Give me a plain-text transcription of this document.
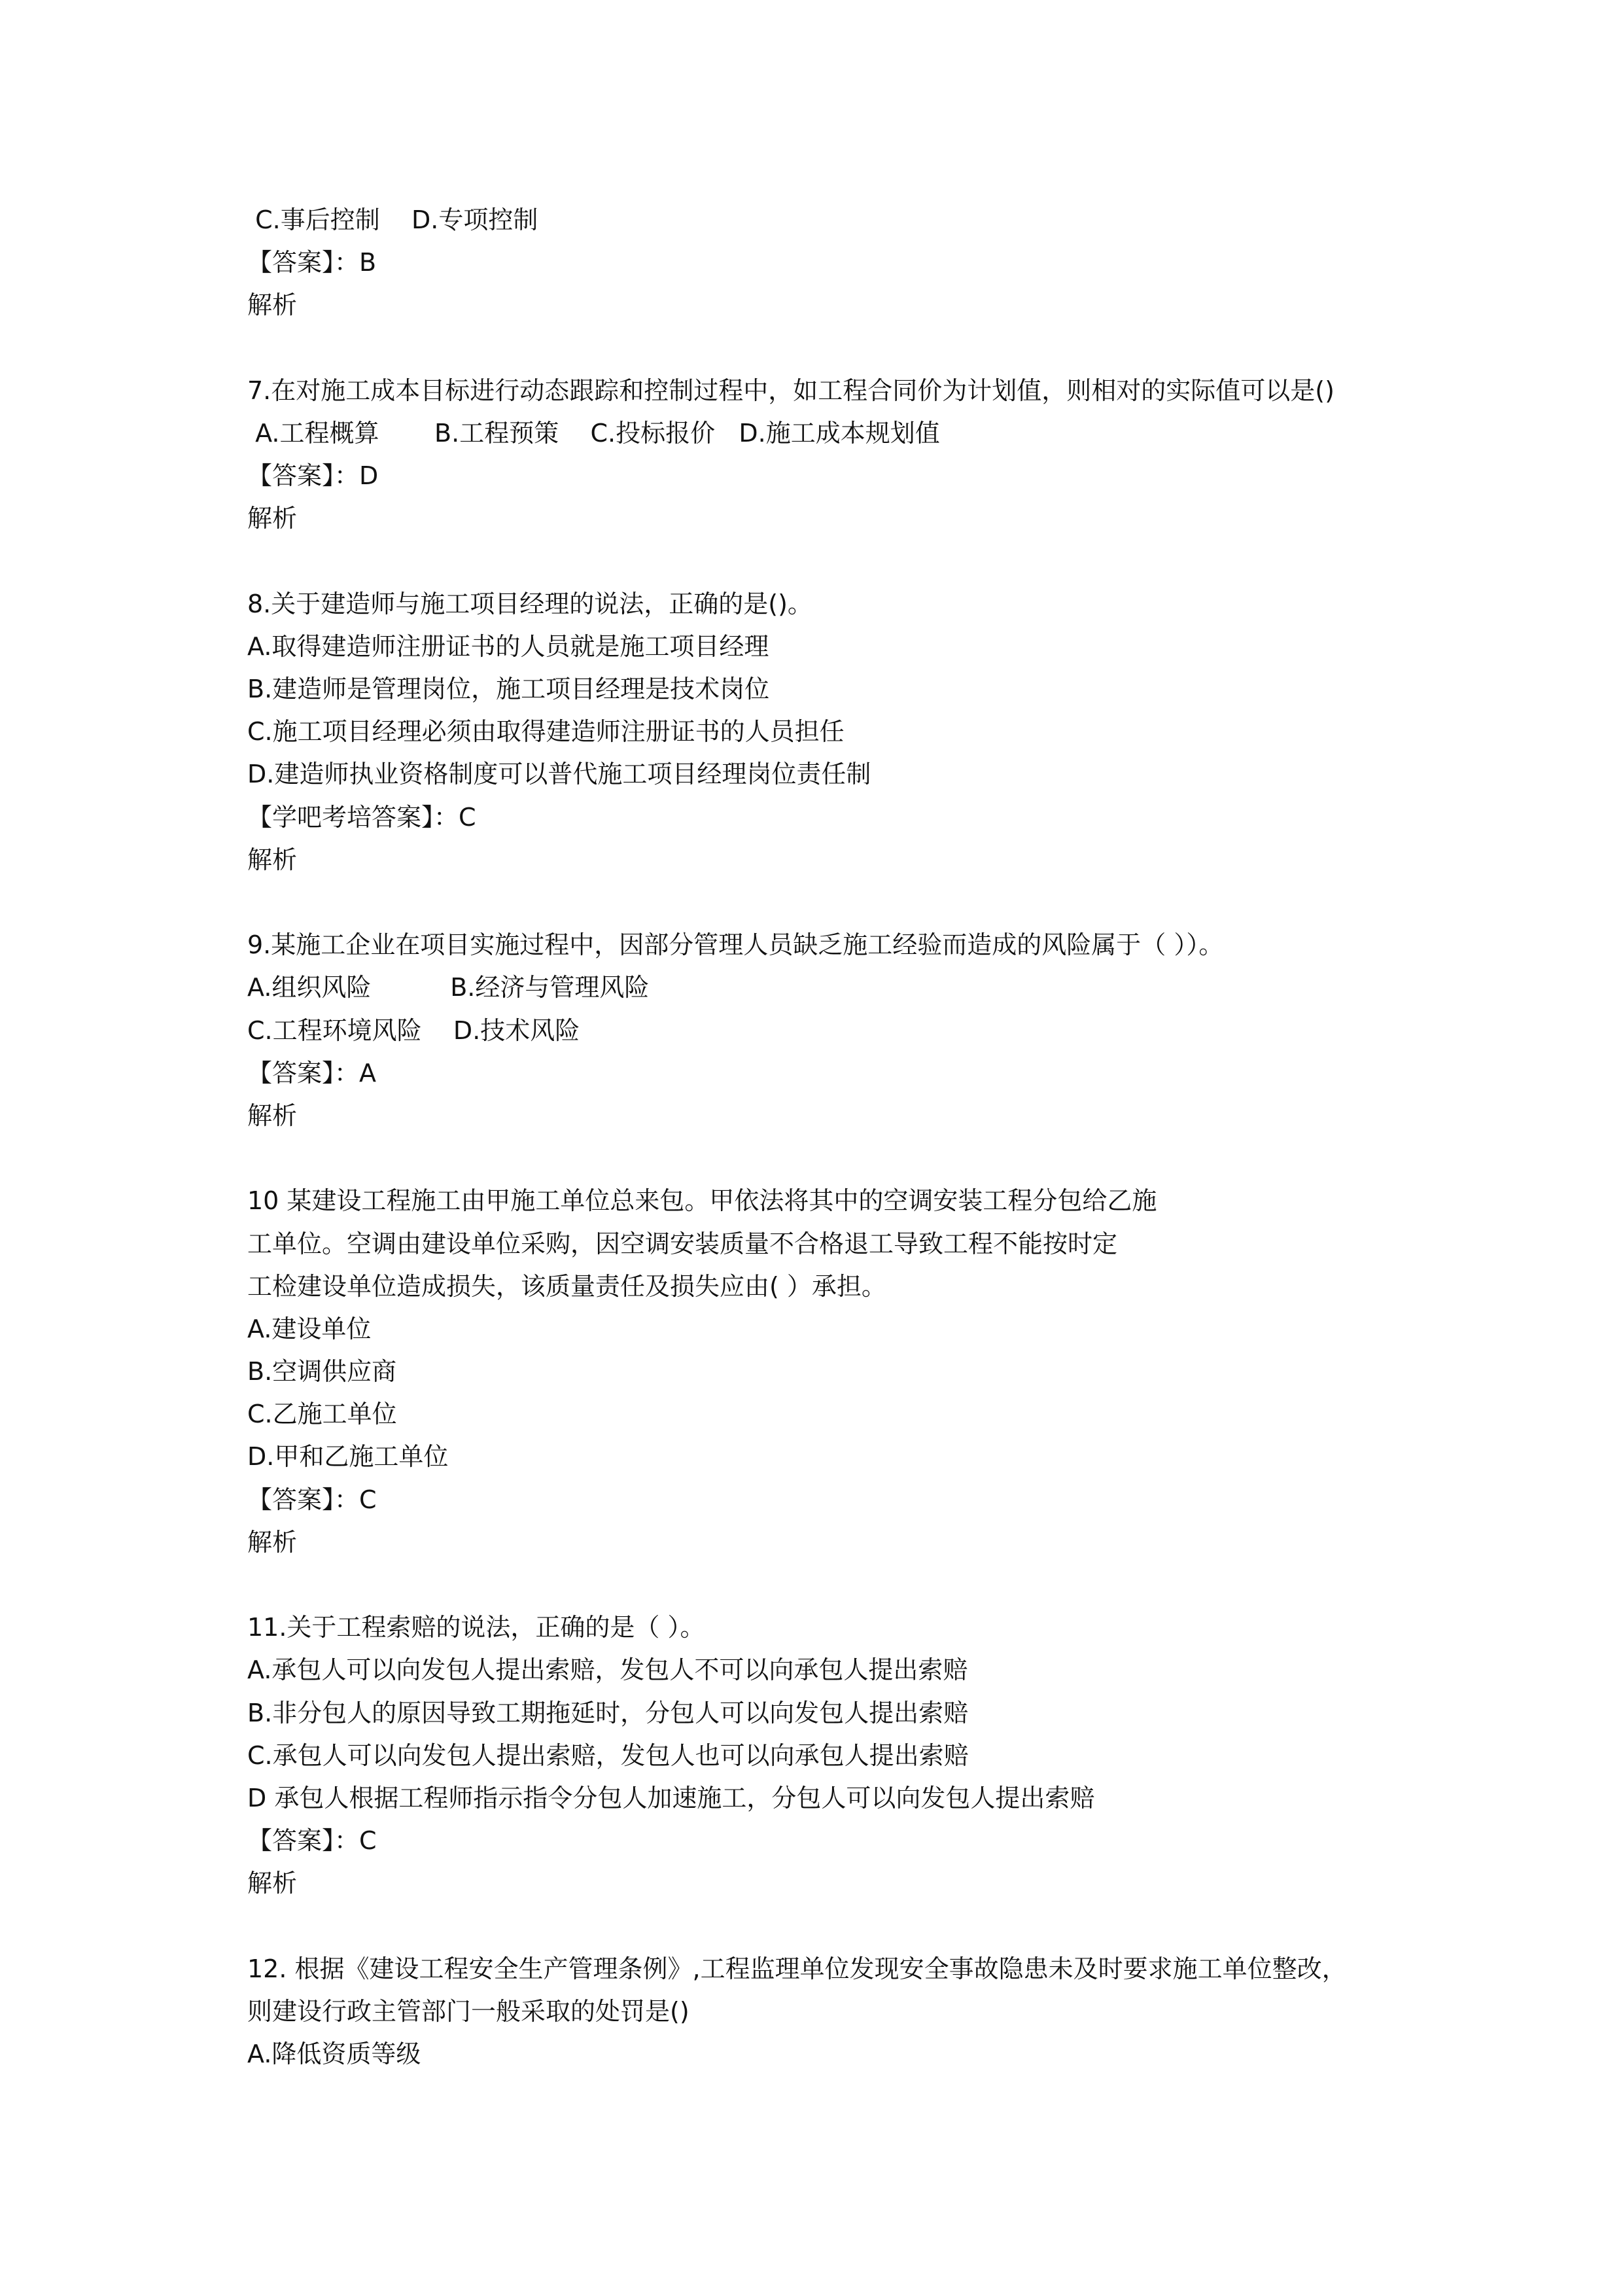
C.事后控制    D.专项控制
【答案】：B
解析
7.在对施工成本目标进行动态跟踪和控制过程中，如工程合同价为计划值，则相对的实际值可以是()
A.工程概算       B.工程预策    C.投标报价   D.施工成本规划值
【答案】：D
解析
8.关于建造师与施工项目经理的说法，正确的是()。
A.取得建造师注册证书的人员就是施工项目经理
B.建造师是管理岗位，施工项目经理是技术岗位
C.施工项目经理必须由取得建造师注册证书的人员担任
D.建造师执业资格制度可以普代施工项目经理岗位责任制
【学吧考培答案】：C
解析
9.某施工企业在项目实施过程中，因部分管理人员缺乏施工经验而造成的风险属于（ ））。
A.组织风险          B.经济与管理风险
C.工程环境风险    D.技术风险
【答案】：A
解析
10 某建设工程施工由甲施工单位总来包。甲依法将其中的空调安装工程分包给乙施
工单位。空调由建设单位采购，因空调安装质量不合格退工导致工程不能按时定
工检建设单位造成损失，该质量责任及损失应由( ）承担。
A.建设单位
B.空调供应商
C.乙施工单位
D.甲和乙施工单位
【答案】：C
解析
11.关于工程索赔的说法，正确的是（ ）。
A.承包人可以向发包人提出索赔，发包人不可以向承包人提出索赔
B.非分包人的原因导致工期拖延时，分包人可以向发包人提出索赔
C.承包人可以向发包人提出索赔，发包人也可以向承包人提出索赔
D 承包人根据工程师指示指令分包人加速施工，分包人可以向发包人提出索赔
【答案】：C
解析
12. 根据《建设工程安全生产管理条例》,工程监理单位发现安全事故隐患未及时要求施工单位整改，
则建设行政主管部门一般采取的处罚是()
A.降低资质等级
